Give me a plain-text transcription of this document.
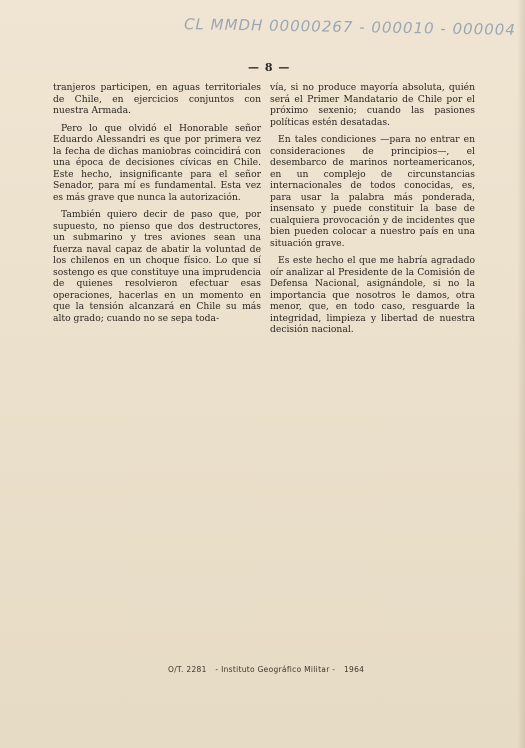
CL MMDH 00000267 - 000010 - 000004
— 8 —

tranjeros participen, en aguas territoriales de Chile, en ejercicios conjuntos con nuestra Armada.

Pero lo que olvidó el Honorable señor Eduardo Alessandri es que por primera vez la fecha de dichas maniobras coincidirá con una época de decisiones cívicas en Chile. Este hecho, insignificante para el señor Senador, para mí es fundamental. Esta vez es más grave que nunca la autorización.

También quiero decir de paso que, por supuesto, no pienso que dos destructores, un submarino y tres aviones sean una fuerza naval capaz de abatir la voluntad de los chilenos en un choque físico. Lo que sí sostengo es que constituye una imprudencia de quienes resolvieron efectuar esas operaciones, hacerlas en un momento en que la tensión alcanzará en Chile su más alto grado; cuando no se sepa toda-

vía, si no produce mayoría absoluta, quién será el Primer Mandatario de Chile por el próximo sexenio; cuando las pasiones políticas estén desatadas.

En tales condiciones —para no entrar en consideraciones de principios—, el desembarco de marinos norteamericanos, en un complejo de circunstancias internacionales de todos conocidas, es, para usar la palabra más ponderada, insensato y puede constituir la base de cualquiera provocación y de incidentes que bien pueden colocar a nuestro país en una situación grave.

Es este hecho el que me habría agradado oír analizar al Presidente de la Comisión de Defensa Nacional, asignándole, si no la importancia que nosotros le damos, otra menor, que, en todo caso, resguarde la integridad, limpieza y libertad de nuestra decisión nacional.

O/T. 2281 - Instituto Geográfico Militar - 1964
